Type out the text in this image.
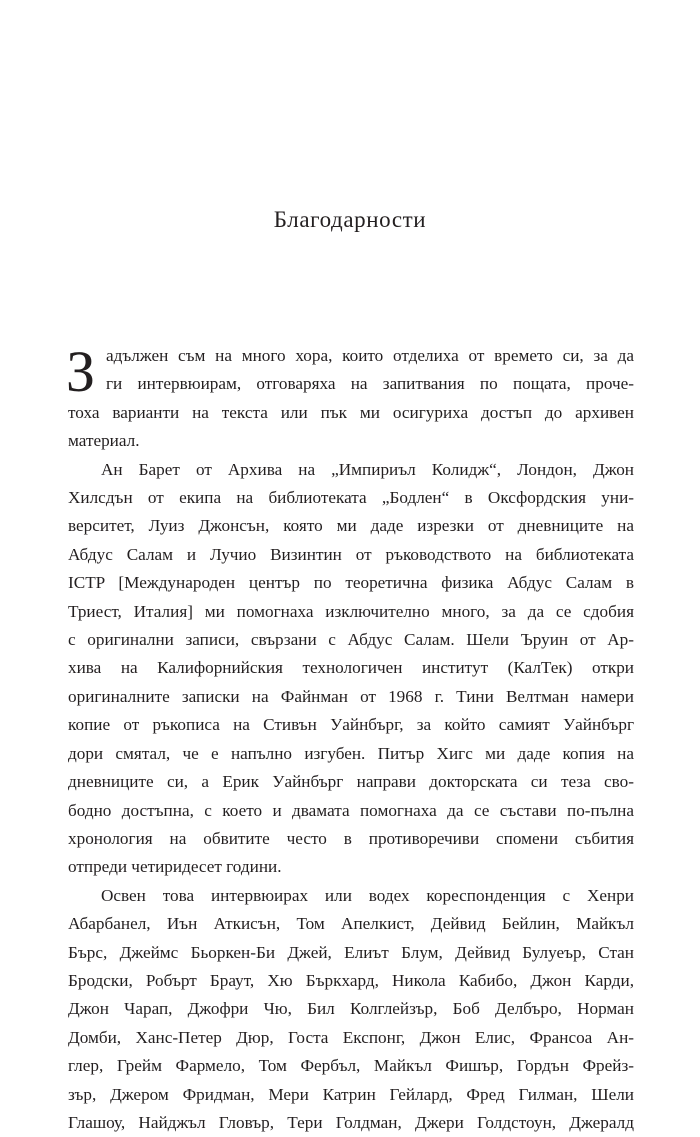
Благодарности
З адължен съм на много хора, които отделиха от времето си, за да
ги интервюирам, отговаряха на запитвания по пощата, проче-
тоха варианти на текста или пък ми осигуриха достъп до архивен
материал.
Ан Барет от Архива на „Импириъл Колидж“, Лондон, Джон
Хилсдън от екипа на библиотеката „Бодлен“ в Оксфордския уни-
верситет, Луиз Джонсън, която ми даде изрезки от дневниците на
Абдус Салам и Лучио Визинтин от ръководството на библиотеката
ICTP [Международен център по теоретична физика Абдус Салам в
Триест, Италия] ми помогнаха изключително много, за да се сдобия
с оригинални записи, свързани с Абдус Салам. Шели Ъруин от Ар-
хива на Калифорнийския технологичен институт (КалТек) откри
оригиналните записки на Файнман от 1968 г. Тини Велтман намери
копие от ръкописа на Стивън Уайнбърг, за който самият Уайнбърг
дори смятал, че е напълно изгубен. Питър Хигс ми даде копия на
дневниците си, а Ерик Уайнбърг направи докторската си теза сво-
бодно достъпна, с което и двамата помогнаха да се състави по-пълна
хронология на обвитите често в противоречиви спомени събития
отпреди четиридесет години.
Освен това интервюирах или водех кореспонденция с Хенри
Абарбанел, Иън Аткисън, Том Апелкист, Дейвид Бейлин, Майкъл
Бърс, Джеймс Бьоркен-Би Джей, Елиът Блум, Дейвид Булуеър, Стан
Бродски, Робърт Браут, Хю Бъркхард, Никола Кабибо, Джон Карди,
Джон Чарап, Джофри Чю, Бил Колглейзър, Боб Делбъро, Норман
Домби, Ханс-Петер Дюр, Госта Експонг, Джон Елис, Франсоа Ан-
глер, Грейм Фармело, Том Фербъл, Майкъл Фишър, Гордън Фрейз-
зър, Джером Фридман, Мери Катрин Гейлард, Фред Гилман, Шели
Глашоу, Найджъл Гловър, Тери Голдман, Джери Голдстоун, Джералд
